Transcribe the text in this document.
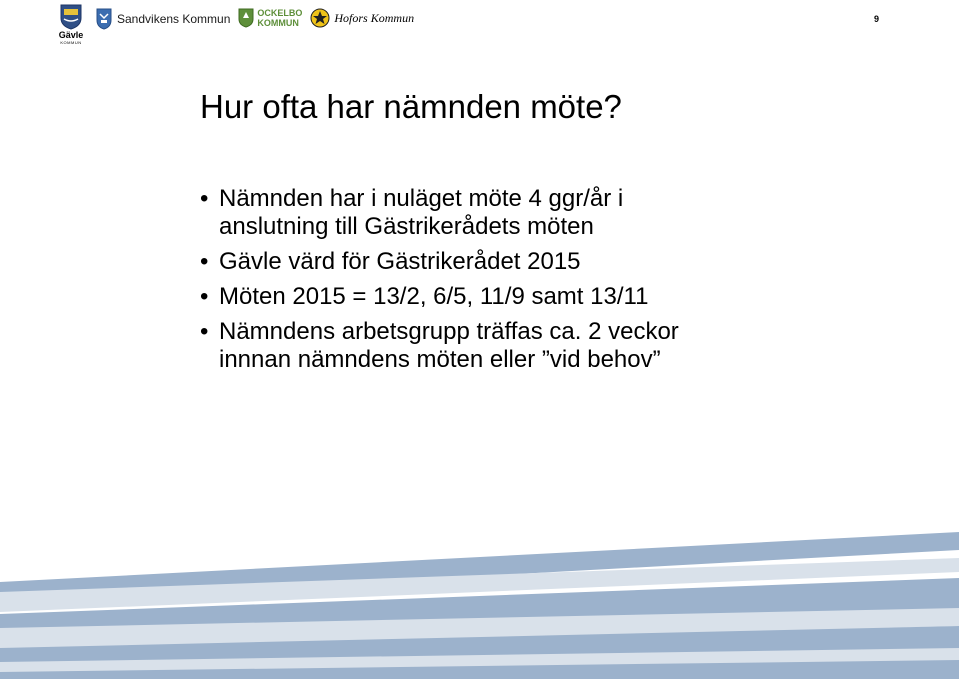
Gävle
KOMMUN
Sandvikens Kommun	OCKELBO
KOMMUN	Hofors Kommun	9
Hur ofta har nämnden möte?
• Nämnden har i nuläget möte 4 ggr/år i
anslutning till Gästrikerådets möten
• Gävle värd för Gästrikerådet 2015
• Möten 2015 = 13/2, 6/5, 11/9 samt 13/11
• Nämndens arbetsgrupp träffas ca. 2 veckor
innnan nämndens möten eller ”vid behov”
